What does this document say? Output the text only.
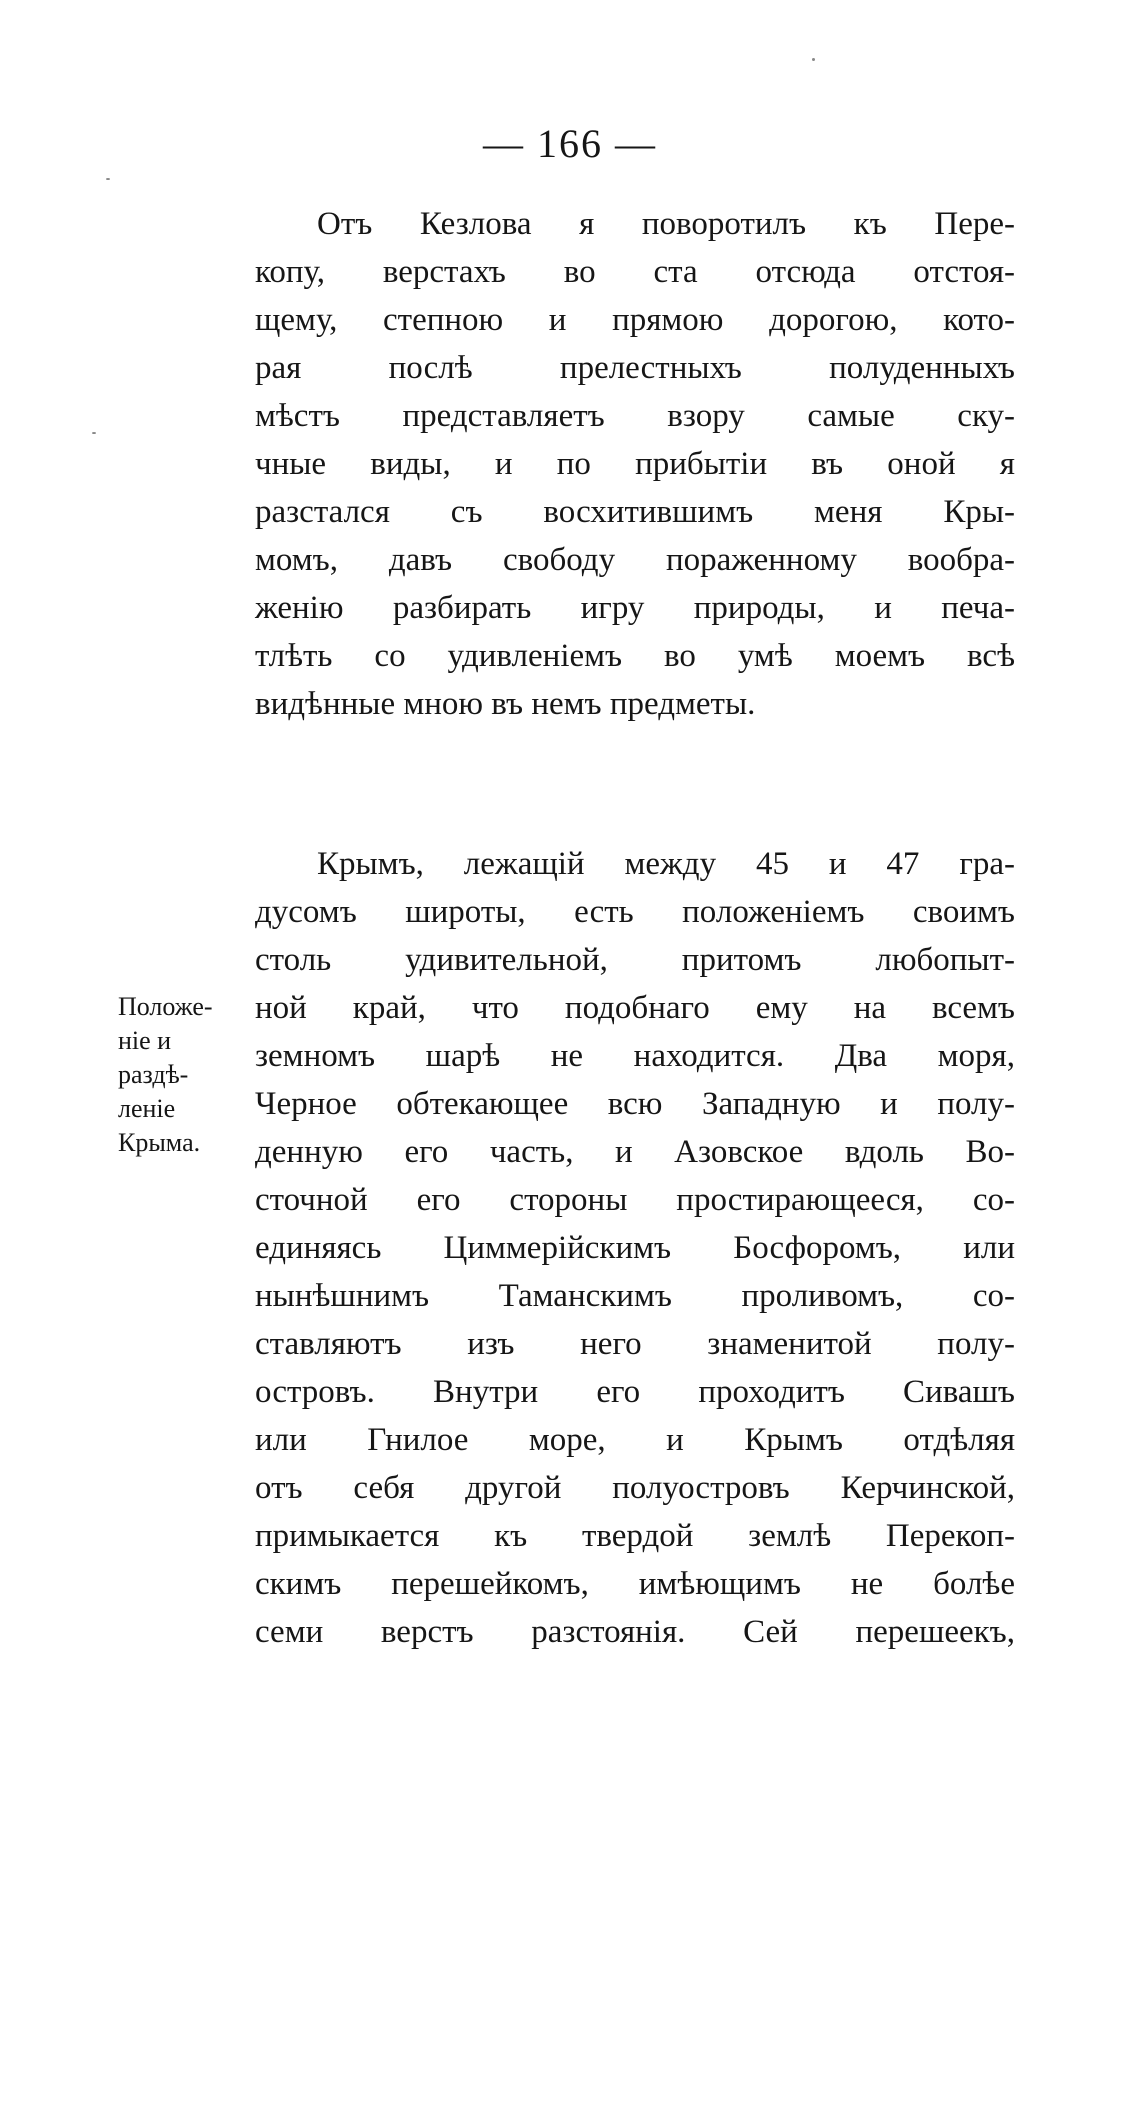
— 166 —

Отъ Кезлова я поворотилъ къ Пере-
копу, верстахъ во ста отсюда отстоя-
щему, степною и прямою дорогою, кото-
рая послѣ прелестныхъ полуденныхъ
мѣстъ представляетъ взору самые ску-
чные виды, и по прибытіи въ оной я
разстался съ восхитившимъ меня Кры-
момъ, давъ свободу пораженному вообра-
женію разбирать игру природы, и печа-
тлѣть со удивленіемъ во умѣ моемъ всѣ
видѣнные мною въ немъ предметы.

Крымъ, лежащій между 45 и 47 гра-
дусомъ широты, есть положеніемъ своимъ
столь удивительной, притомъ любопыт-
ной край, что подобнаго ему на всемъ
земномъ шарѣ не находится. Два моря,
Черное обтекающее всю Западную и полу-
денную его часть, и Азовское вдоль Во-
сточной его стороны простирающееся, со-
единяясь Циммерійскимъ Босфоромъ, или
нынѣшнимъ Таманскимъ проливомъ, со-
ставляютъ изъ него знаменитой полу-
островъ. Внутри его проходитъ Сивашъ
или Гнилое море, и Крымъ отдѣляя
отъ себя другой полуостровъ Керчинской,
примыкается къ твердой землѣ Перекоп-
скимъ перешейкомъ, имѣющимъ не болѣе
семи верстъ разстоянія. Сей перешеекъ,

Положе-
ніе и
раздѣ-
леніе
Крыма.
